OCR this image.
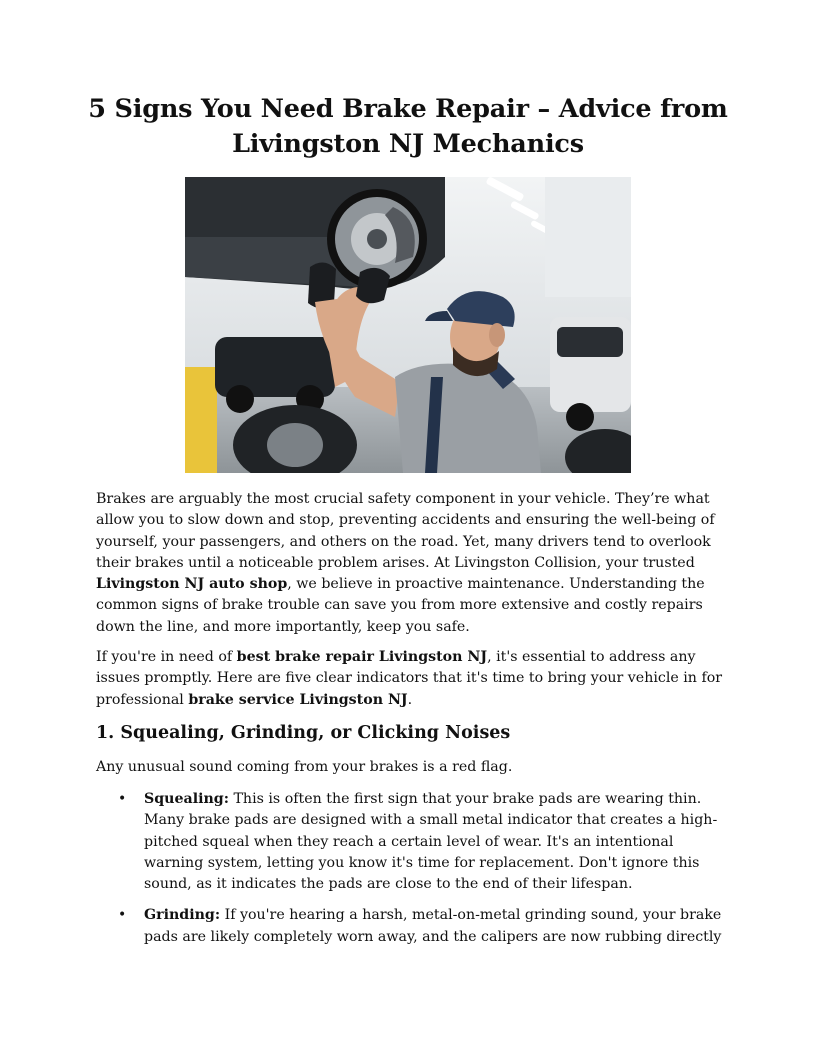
5 Signs You Need Brake Repair – Advice from Livingston NJ Mechanics

Brakes are arguably the most crucial safety component in your vehicle. They’re what allow you to slow down and stop, preventing accidents and ensuring the well-being of yourself, your passengers, and others on the road. Yet, many drivers tend to overlook their brakes until a noticeable problem arises. At Livingston Collision, your trusted Livingston NJ auto shop, we believe in proactive maintenance. Understanding the common signs of brake trouble can save you from more extensive and costly repairs down the line, and more importantly, keep you safe.

If you're in need of best brake repair Livingston NJ, it's essential to address any issues promptly. Here are five clear indicators that it's time to bring your vehicle in for professional brake service Livingston NJ.

1. Squealing, Grinding, or Clicking Noises

Any unusual sound coming from your brakes is a red flag.

• Squealing: This is often the first sign that your brake pads are wearing thin. Many brake pads are designed with a small metal indicator that creates a high-pitched squeal when they reach a certain level of wear. It's an intentional warning system, letting you know it's time for replacement. Don't ignore this sound, as it indicates the pads are close to the end of their lifespan.
• Grinding: If you're hearing a harsh, metal-on-metal grinding sound, your brake pads are likely completely worn away, and the calipers are now rubbing directly
